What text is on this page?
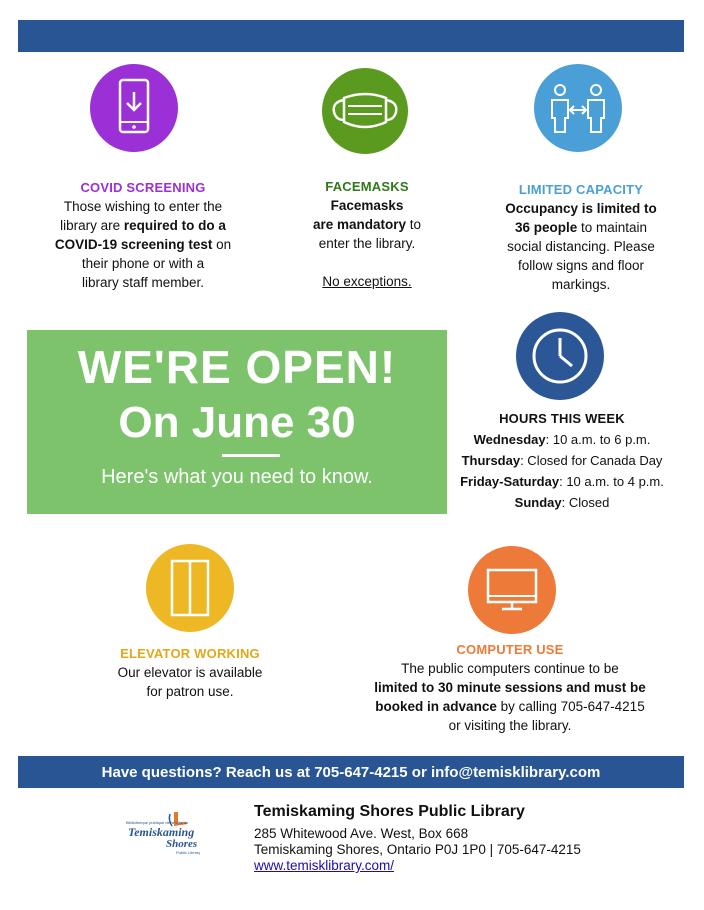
COVID SCREENING
Those wishing to enter the
library are required to do a
COVID-19 screening test on
their phone or with a
library staff member.
FACEMASKS
Facemasks
are mandatory to
enter the library.
No exceptions.
LIMITED CAPACITY
Occupancy is limited to
36 people to maintain
social distancing. Please
follow signs and floor
markings.
WE'RE OPEN!
On June 30
Here's what you need to know.
HOURS THIS WEEK
Wednesday: 10 a.m. to 6 p.m.
Thursday: Closed for Canada Day
Friday-Saturday: 10 a.m. to 4 p.m.
Sunday: Closed
ELEVATOR WORKING
Our elevator is available
for patron use.
COMPUTER USE
The public computers continue to be
limited to 30 minute sessions and must be
booked in advance by calling 705-647-4215
or visiting the library.
Have questions? Reach us at 705-647-4215 or info@temisklibrary.com
Bibliothèque publique de la Ville de
Temiskaming
Shores
Public Library
Temiskaming Shores Public Library
285 Whitewood Ave. West, Box 668
Temiskaming Shores, Ontario P0J 1P0 | 705-647-4215
www.temisklibrary.com/
